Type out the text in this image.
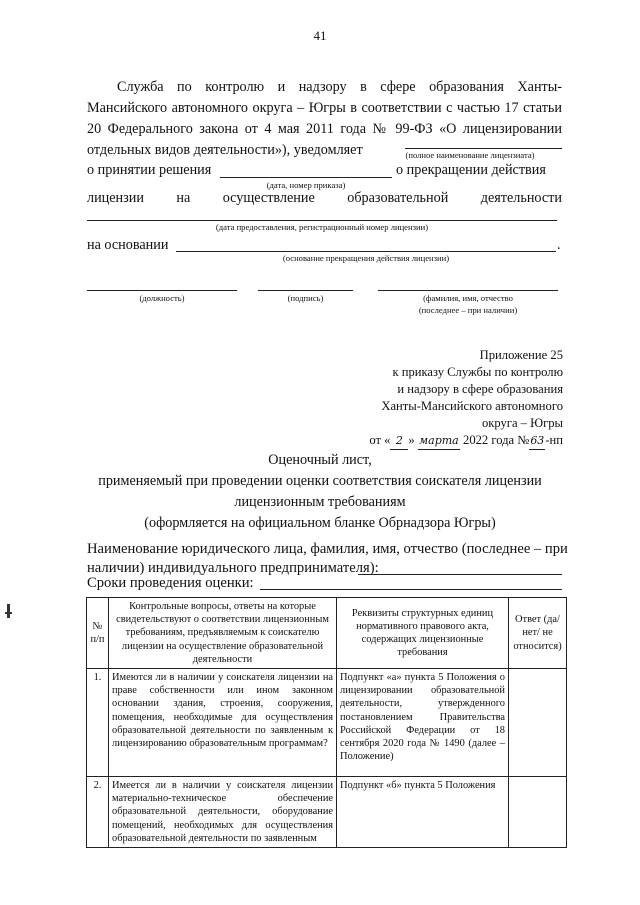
41
Служба по контролю и надзору в сфере образования Ханты-Мансийского автономного округа – Югры в соответствии с частью 17 статьи 20 Федерального закона от 4 мая 2011 года № 99-ФЗ «О лицензировании отдельных видов деятельности»), уведомляет	(полное наименование лицензиата)
о принятии решения	о прекращении действия
(дата, номер приказа)
лицензии на осуществление образовательной деятельности
(дата предоставления, регистрационный номер лицензии)
на основании	.
(основание прекращения действия лицензии)
(должность)	(подпись)	(фамилия, имя, отчество
(последнее – при наличии)
Приложение 25
к приказу Службы по контролю
и надзору в сфере образования
Ханты-Мансийского автономного
округа – Югры
от « 2 » марта 2022 года №63-нп
Оценочный лист,
применяемый при проведении оценки соответствия соискателя лицензии
лицензионным требованиям
(оформляется на официальном бланке Обрнадзора Югры)
Наименование юридического лица, фамилия, имя, отчество (последнее – при
наличии) индивидуального предпринимателя):
Сроки проведения оценки:
№ п/п	Контрольные вопросы, ответы на которые свидетельствуют о соответствии лицензионным требованиям, предъявляемым к соискателю лицензии на осуществление образовательной деятельности	Реквизиты структурных единиц нормативного правового акта, содержащих лицензионные требования	Ответ (да/нет/ не относится)
1.	Имеются ли в наличии у соискателя лицензии на праве собственности или ином законном основании здания, строения, сооружения, помещения, необходимые для осуществления образовательной деятельности по заявленным к лицензированию образовательным программам?	Подпункт «а» пункта 5 Положения о лицензировании образовательной деятельности, утвержденного постановлением Правительства Российской Федерации от 18 сентября 2020 года № 1490 (далее – Положение)	
2.	Имеется ли в наличии у соискателя лицензии материально-техническое обеспечение образовательной деятельности, оборудование помещений, необходимых для осуществления образовательной деятельности по заявленным	Подпункт «б» пункта 5 Положения	
